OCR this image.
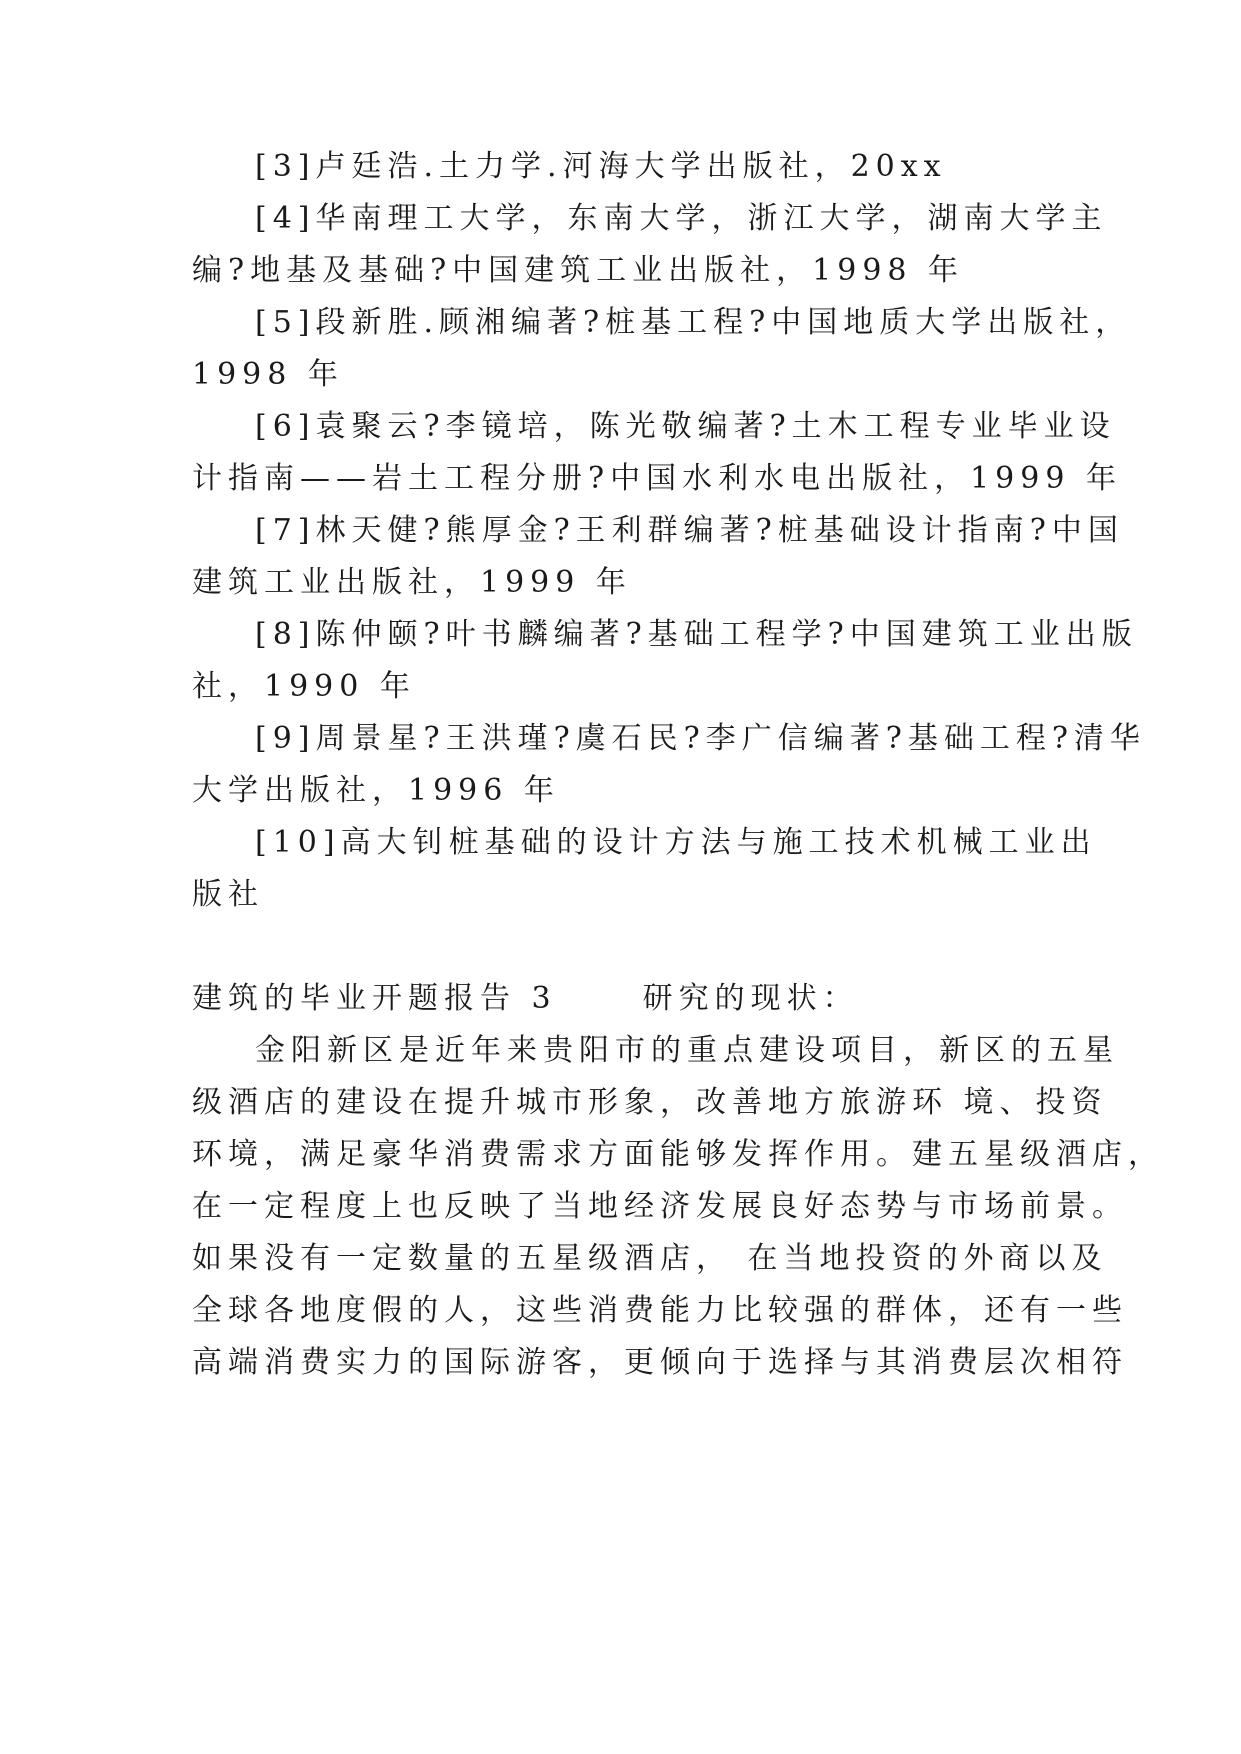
[3]卢廷浩.土力学.河海大学出版社，20xx
[4]华南理工大学，东南大学，浙江大学，湖南大学主
编?地基及基础?中国建筑工业出版社，1998 年
[5]段新胜.顾湘编著?桩基工程?中国地质大学出版社，
1998 年
[6]袁聚云?李镜培，陈光敬编著?土木工程专业毕业设
计指南——岩土工程分册?中国水利水电出版社，1999 年
[7]林天健?熊厚金?王利群编著?桩基础设计指南?中国
建筑工业出版社，1999 年
[8]陈仲颐?叶书麟编著?基础工程学?中国建筑工业出版
社，1990 年
[9]周景星?王洪瑾?虞石民?李广信编著?基础工程?清华
大学出版社，1996 年
[10]高大钊桩基础的设计方法与施工技术机械工业出
版社
建筑的毕业开题报告 3	研究的现状：
金阳新区是近年来贵阳市的重点建设项目，新区的五星
级酒店的建设在提升城市形象，改善地方旅游环 境、投资
环境，满足豪华消费需求方面能够发挥作用。建五星级酒店，
在一定程度上也反映了当地经济发展良好态势与市场前景。
如果没有一定数量的五星级酒店， 在当地投资的外商以及
全球各地度假的人，这些消费能力比较强的群体，还有一些
高端消费实力的国际游客，更倾向于选择与其消费层次相符
